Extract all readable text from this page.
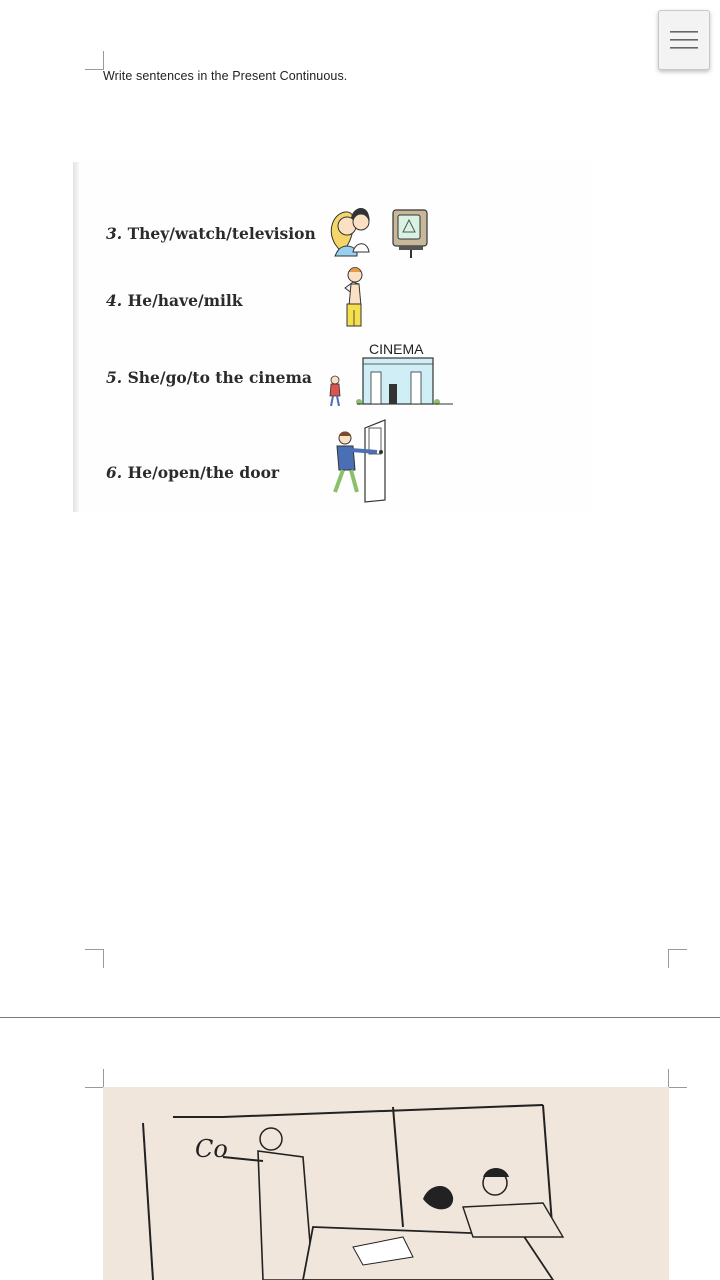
Write sentences in the Present Continuous.
3. They/watch/television
4. He/have/milk
5. She/go/to the cinema
6. He/open/the door
CINEMA
Co
